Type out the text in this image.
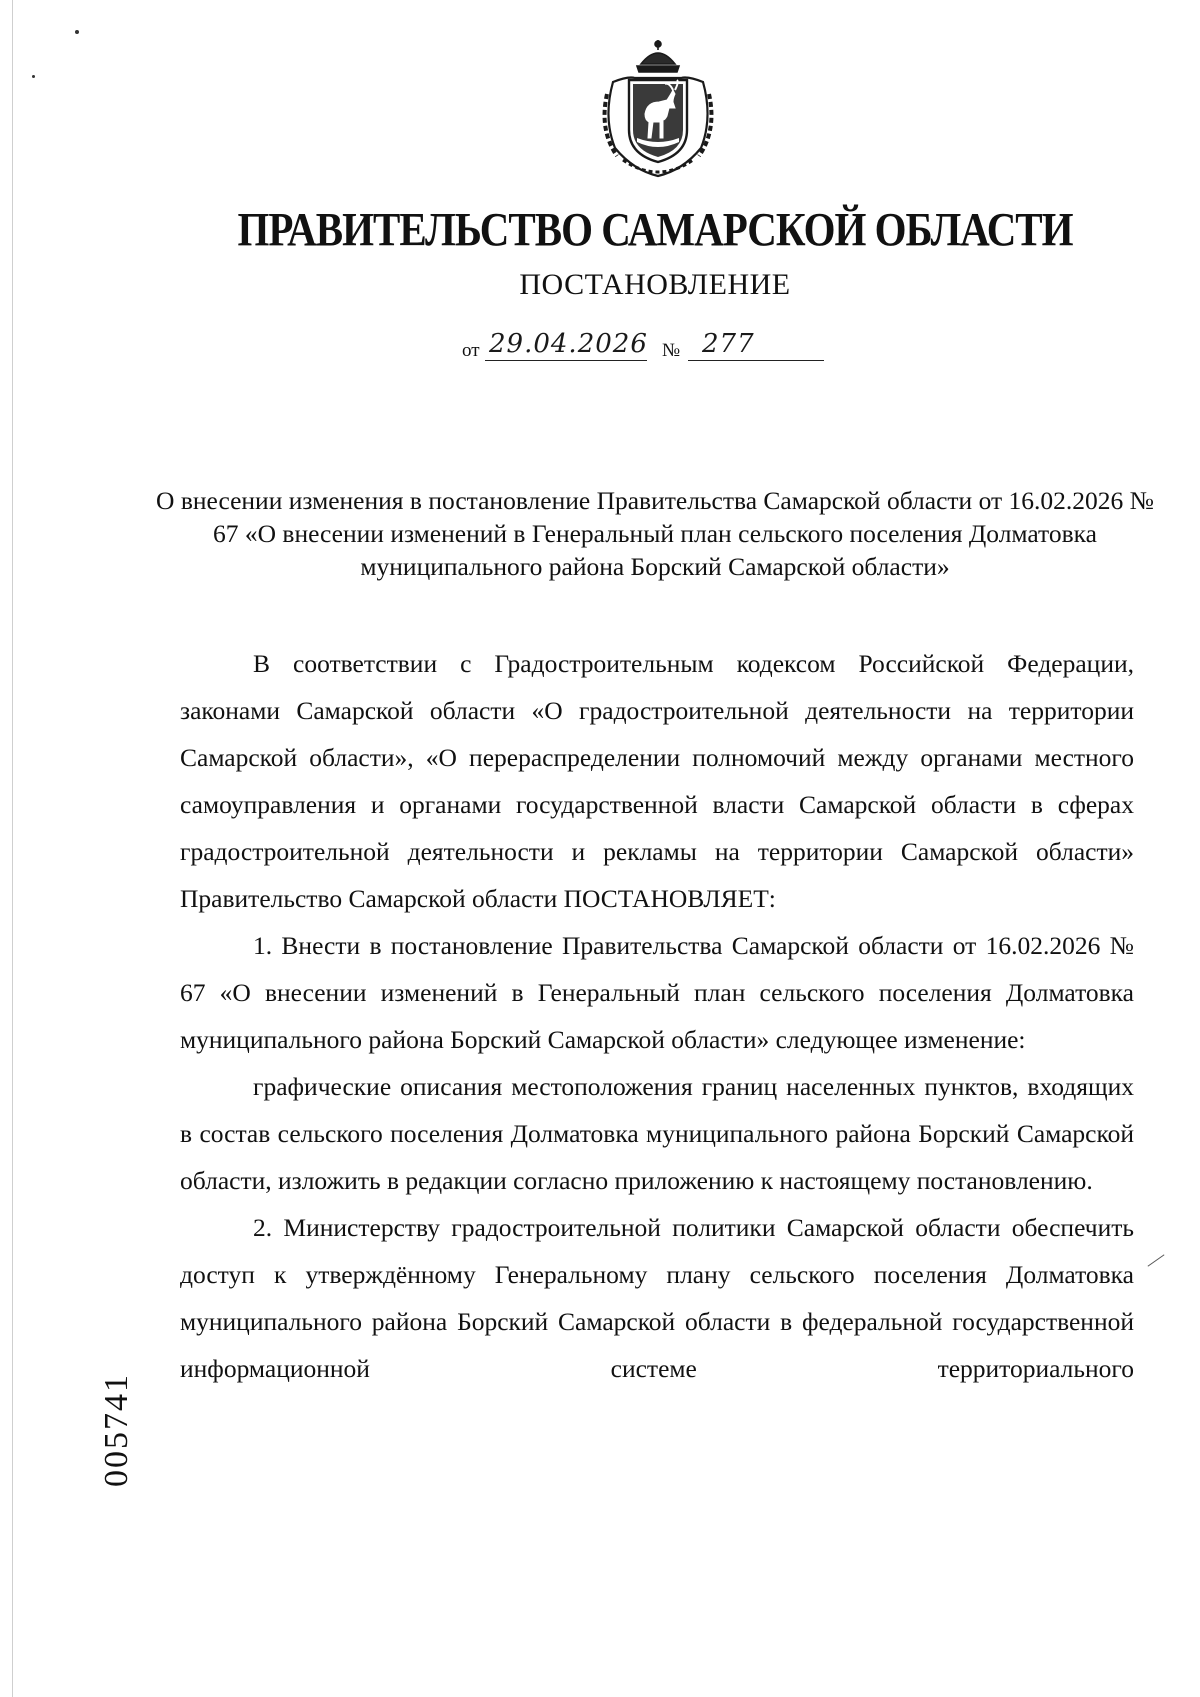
ПРАВИТЕЛЬСТВО САМАРСКОЙ ОБЛАСТИ
ПОСТАНОВЛЕНИЕ
от 29.04.2026 № 277
О внесении изменения в постановление Правительства Самарской области от 16.02.2026 № 67 «О внесении изменений в Генеральный план сельского поселения Долматовка муниципального района Борский Самарской области»

В соответствии с Градостроительным кодексом Российской Федерации, законами Самарской области «О градостроительной деятельности на территории Самарской области», «О перераспределении полномочий между органами местного самоуправления и органами государственной власти Самарской области в сферах градостроительной деятельности и рекламы на территории Самарской области» Правительство Самарской области ПОСТАНОВЛЯЕТ:

1. Внести в постановление Правительства Самарской области от 16.02.2026 № 67 «О внесении изменений в Генеральный план сельского поселения Долматовка муниципального района Борский Самарской области» следующее изменение:

графические описания местоположения границ населенных пунктов, входящих в состав сельского поселения Долматовка муниципального района Борский Самарской области, изложить в редакции согласно приложению к настоящему постановлению.

2. Министерству градостроительной политики Самарской области обеспечить доступ к утверждённому Генеральному плану сельского поселения Долматовка муниципального района Борский Самарской области в федеральной государственной информационной системе территориального

005741
